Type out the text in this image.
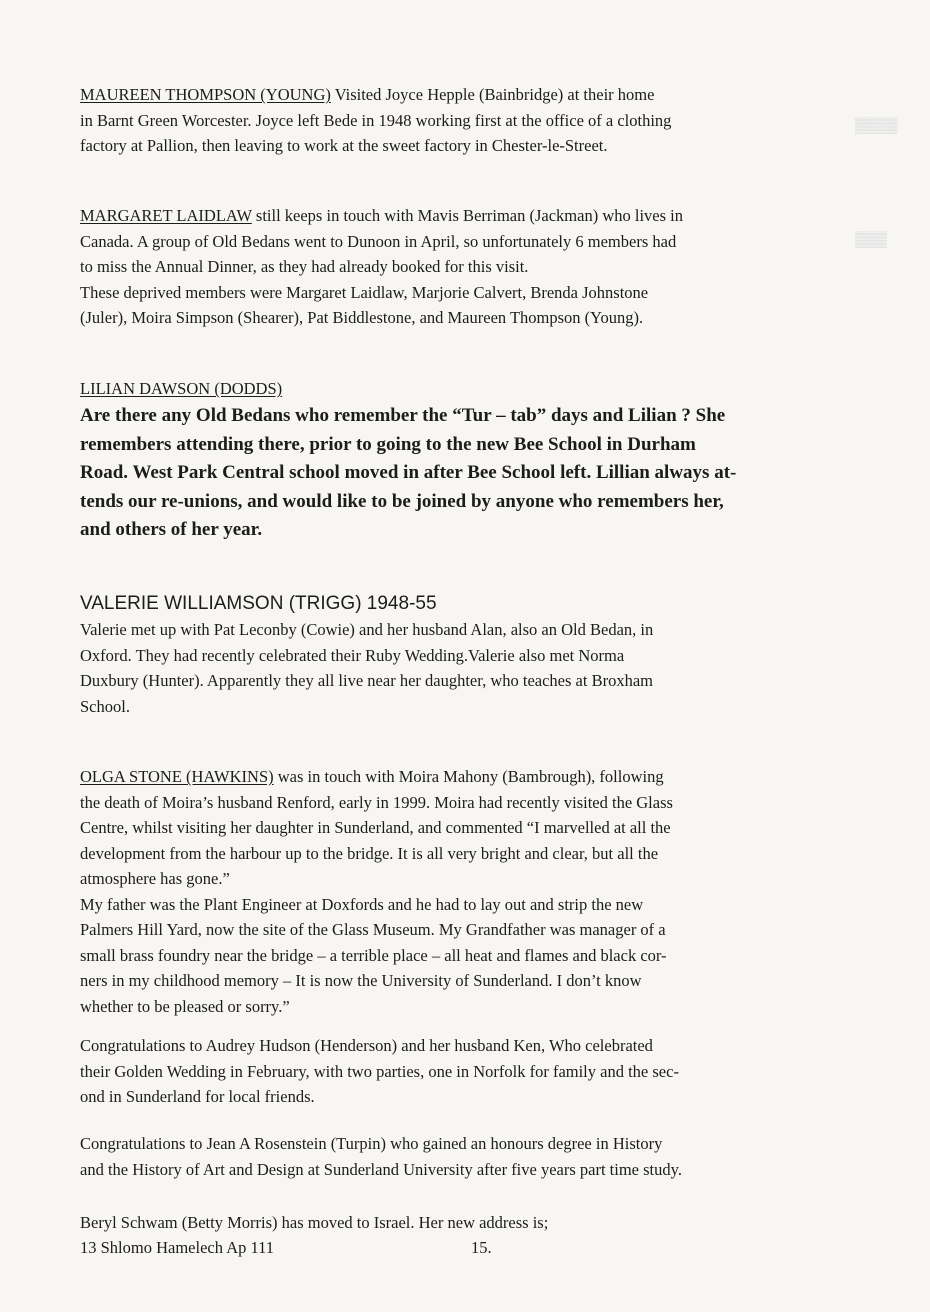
▒▒▒▒
▒▒▒

MAUREEN THOMPSON (YOUNG) Visited Joyce Hepple (Bainbridge) at their home
in Barnt Green Worcester. Joyce left Bede in 1948 working first at the office of a clothing
factory at Pallion, then leaving to work at the sweet factory in Chester-le-Street.

MARGARET LAIDLAW still keeps in touch with Mavis Berriman (Jackman) who lives in
Canada. A group of Old Bedans went to Dunoon in April, so unfortunately 6 members had
to miss the Annual Dinner, as they had already booked for this visit.
These deprived members were Margaret Laidlaw, Marjorie Calvert, Brenda Johnstone
(Juler), Moira Simpson (Shearer), Pat Biddlestone, and Maureen Thompson (Young).

LILIAN DAWSON (DODDS)
Are there any Old Bedans who remember the “Tur – tab” days and Lilian ? She
remembers attending there, prior to going to the new Bee School in Durham
Road. West Park Central school moved in after Bee School left. Lillian always at-
tends our re-unions, and would like to be joined by anyone who remembers her,
and others of her year.
VALERIE WILLIAMSON (TRIGG) 1948-55
Valerie met up with Pat Leconby (Cowie) and her husband Alan, also an Old Bedan, in
Oxford. They had recently celebrated their Ruby Wedding.Valerie also met Norma
Duxbury (Hunter). Apparently they all live near her daughter, who teaches at Broxham
School.

OLGA STONE (HAWKINS) was in touch with Moira Mahony (Bambrough), following
the death of Moira’s husband Renford, early in 1999. Moira had recently visited the Glass
Centre, whilst visiting her daughter in Sunderland, and commented “I marvelled at all the
development from the harbour up to the bridge. It is all very bright and clear, but all the
atmosphere has gone.”
My father was the Plant Engineer at Doxfords and he had to lay out and strip the new
Palmers Hill Yard, now the site of the Glass Museum. My Grandfather was manager of a
small brass foundry near the bridge – a terrible place – all heat and flames and black cor-
ners in my childhood memory – It is now the University of Sunderland. I don’t know
whether to be pleased or sorry.”

Congratulations to Audrey Hudson (Henderson) and her husband Ken, Who celebrated
their Golden Wedding in February, with two parties, one in Norfolk for family and the sec-
ond in Sunderland for local friends.

Congratulations to Jean A Rosenstein (Turpin) who gained an honours degree in History
and the History of Art and Design at Sunderland University after five years part time study.

Beryl Schwam (Betty Morris) has moved to Israel. Her new address is;

13 Shlomo Hamelech Ap 111	15.
